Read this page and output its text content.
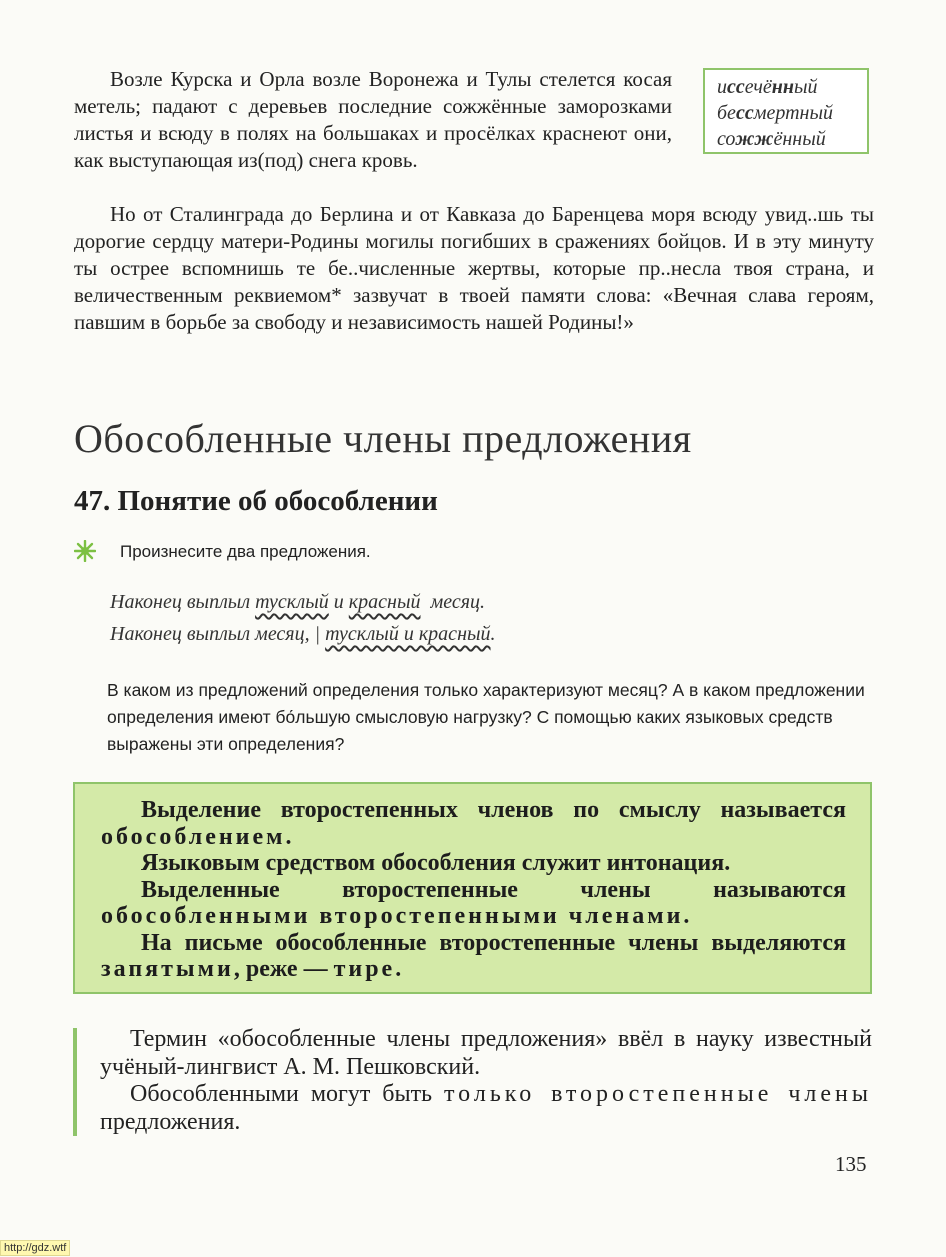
Возле Курска и Орла возле Воронежа и Тулы стелется косая метель; падают с деревьев последние сожжённые заморозками листья и всюду в полях на большаках и просёлках краснеют они, как выступающая из(под) снега кровь.

иссечённый
бессмертный
сожжённый

Но от Сталинграда до Берлина и от Кавказа до Баренцева моря всюду увид..шь ты дорогие сердцу матери-Родины могилы погибших в сражениях бойцов. И в эту минуту ты острее вспомнишь те бе..численные жертвы, которые пр..несла твоя страна, и величественным реквиемом* зазвучат в твоей памяти слова: «Вечная слава героям, павшим в борьбе за свободу и независимость нашей Родины!»

Обособленные члены предложения
47. Понятие об обособлении
Произнесите два предложения.
Наконец выплыл тусклый и красный  месяц.
Наконец выплыл месяц, | тусклый и красный.

В каком из предложений определения только характеризуют месяц? А в каком предложении определения имеют бо́льшую смысловую нагрузку? С помощью каких языковых средств выражены эти определения?

Выделение второстепенных членов по смыслу называется обособлением.

Языковым средством обособления служит интонация.

Выделенные второстепенные члены называются обособленными второстепенными членами.

На письме обособленные второстепенные члены выделяются запятыми, реже — тире.

Термин «обособленные члены предложения» ввёл в науку известный учёный-лингвист А. М. Пешковский.
Обособленными могут быть только второстепенные члены предложения.

135
http://gdz.wtf
